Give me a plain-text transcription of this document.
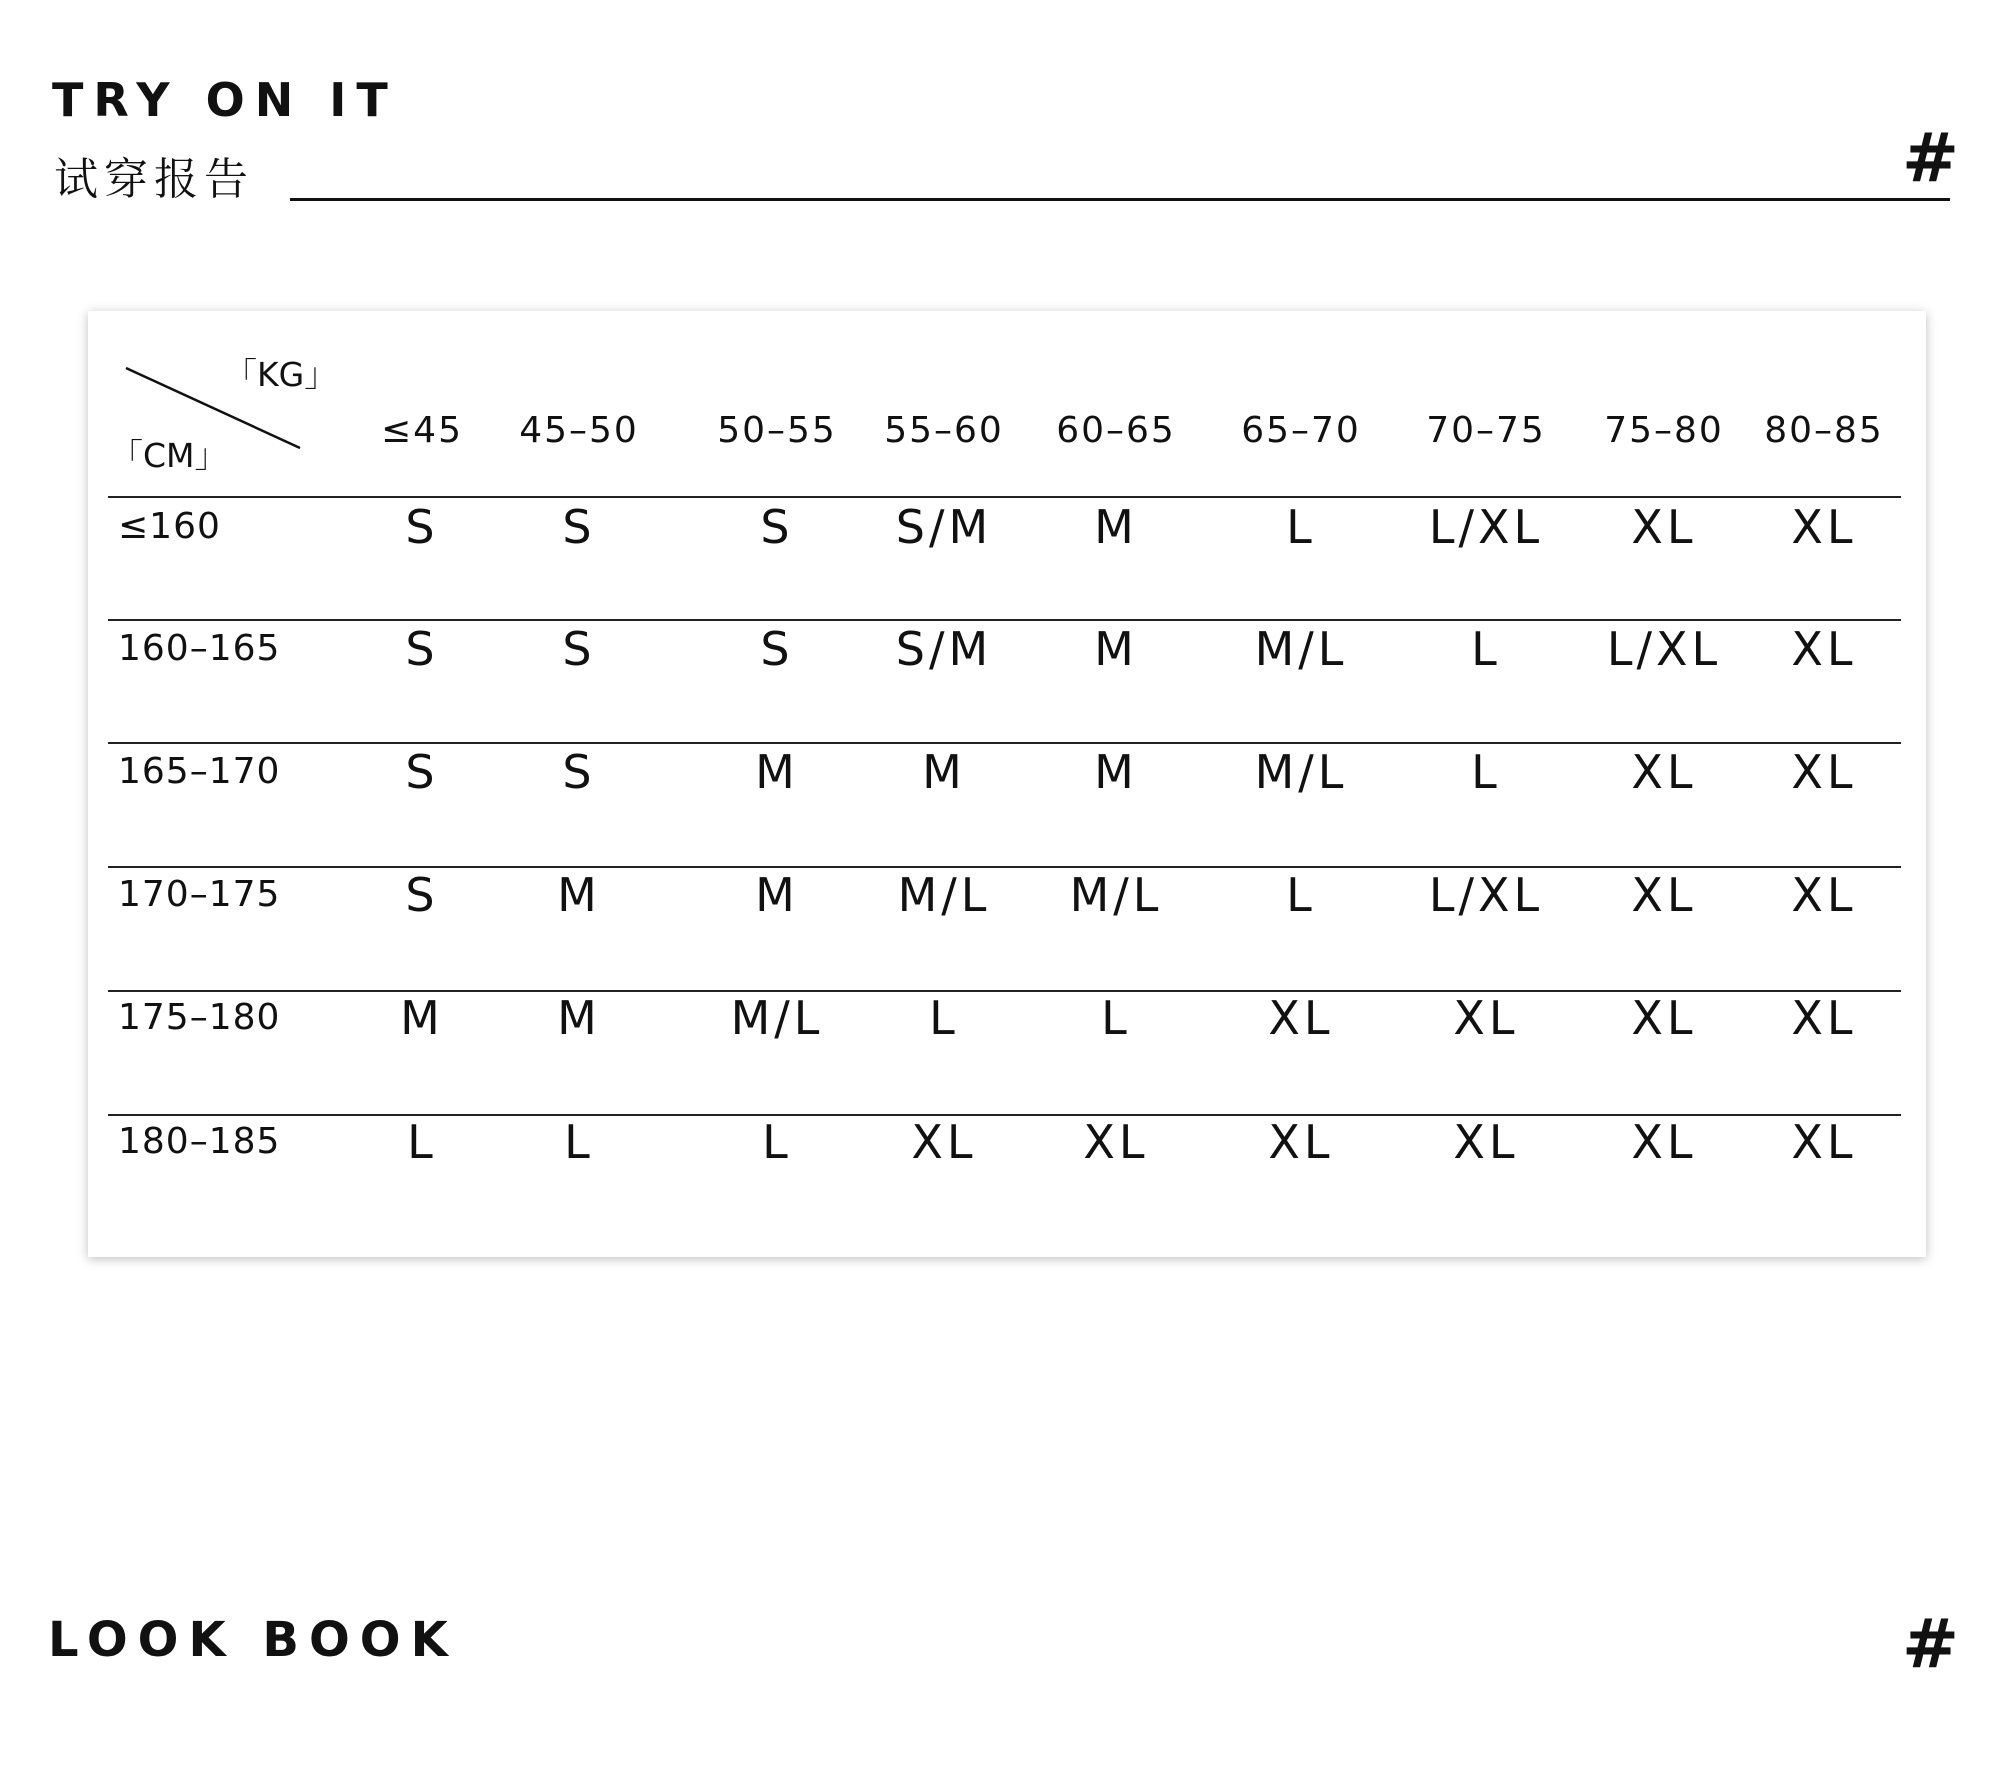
TRY ON IT
试穿报告	#
「KG」
「CM」
≤45	45–50	50–55	55–60	60–65	65–70	70–75	75–80	80–85
≤160	S	S	S	S/M	M	L	L/XL	XL	XL
160–165	S	S	S	S/M	M	M/L	L	L/XL	XL
165–170	S	S	M	M	M	M/L	L	XL	XL
170–175	S	M	M	M/L	M/L	L	L/XL	XL	XL
175–180	M	M	M/L	L	L	XL	XL	XL	XL
180–185	L	L	L	XL	XL	XL	XL	XL	XL
LOOK BOOK	#
